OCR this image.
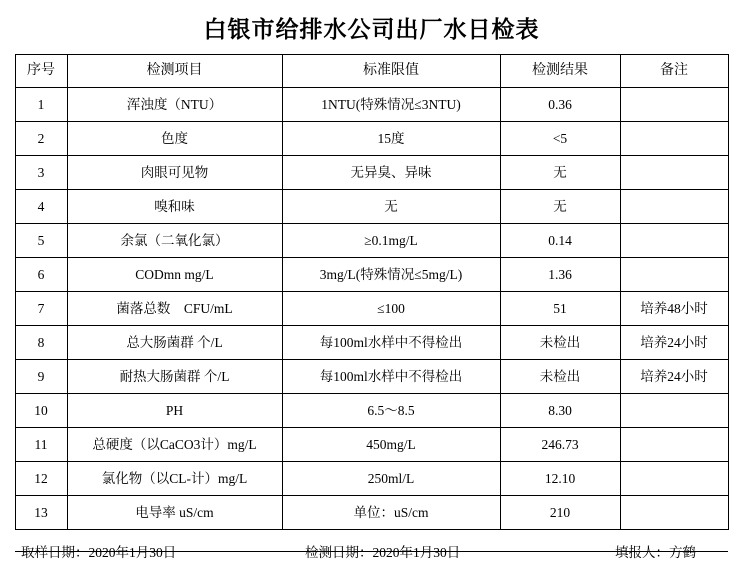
白银市给排水公司出厂水日检表
序号	检测项目	标准限值	检测结果	备注
1	浑浊度（NTU）	1NTU(特殊情况≤3NTU)	0.36	
2	色度	15度	<5	
3	肉眼可见物	无异臭、异味	无	
4	嗅和味	无	无	
5	余氯（二氧化氯）	≥0.1mg/L	0.14	
6	CODmn mg/L	3mg/L(特殊情况≤5mg/L)	1.36	
7	菌落总数　CFU/mL	≤100	51	培养48小时
8	总大肠菌群 个/L	每100ml水样中不得检出	未检出	培养24小时
9	耐热大肠菌群 个/L	每100ml水样中不得检出	未检出	培养24小时
10	PH	6.5～8.5	8.30	
11	总硬度（以CaCO3计）mg/L	450mg/L	246.73	
12	氯化物（以CL-计）mg/L	250ml/L	12.10	
13	电导率 uS/cm	单位：uS/cm	210	
取样日期：2020年1月30日	检测日期：2020年1月30日	填报人：方鹤
